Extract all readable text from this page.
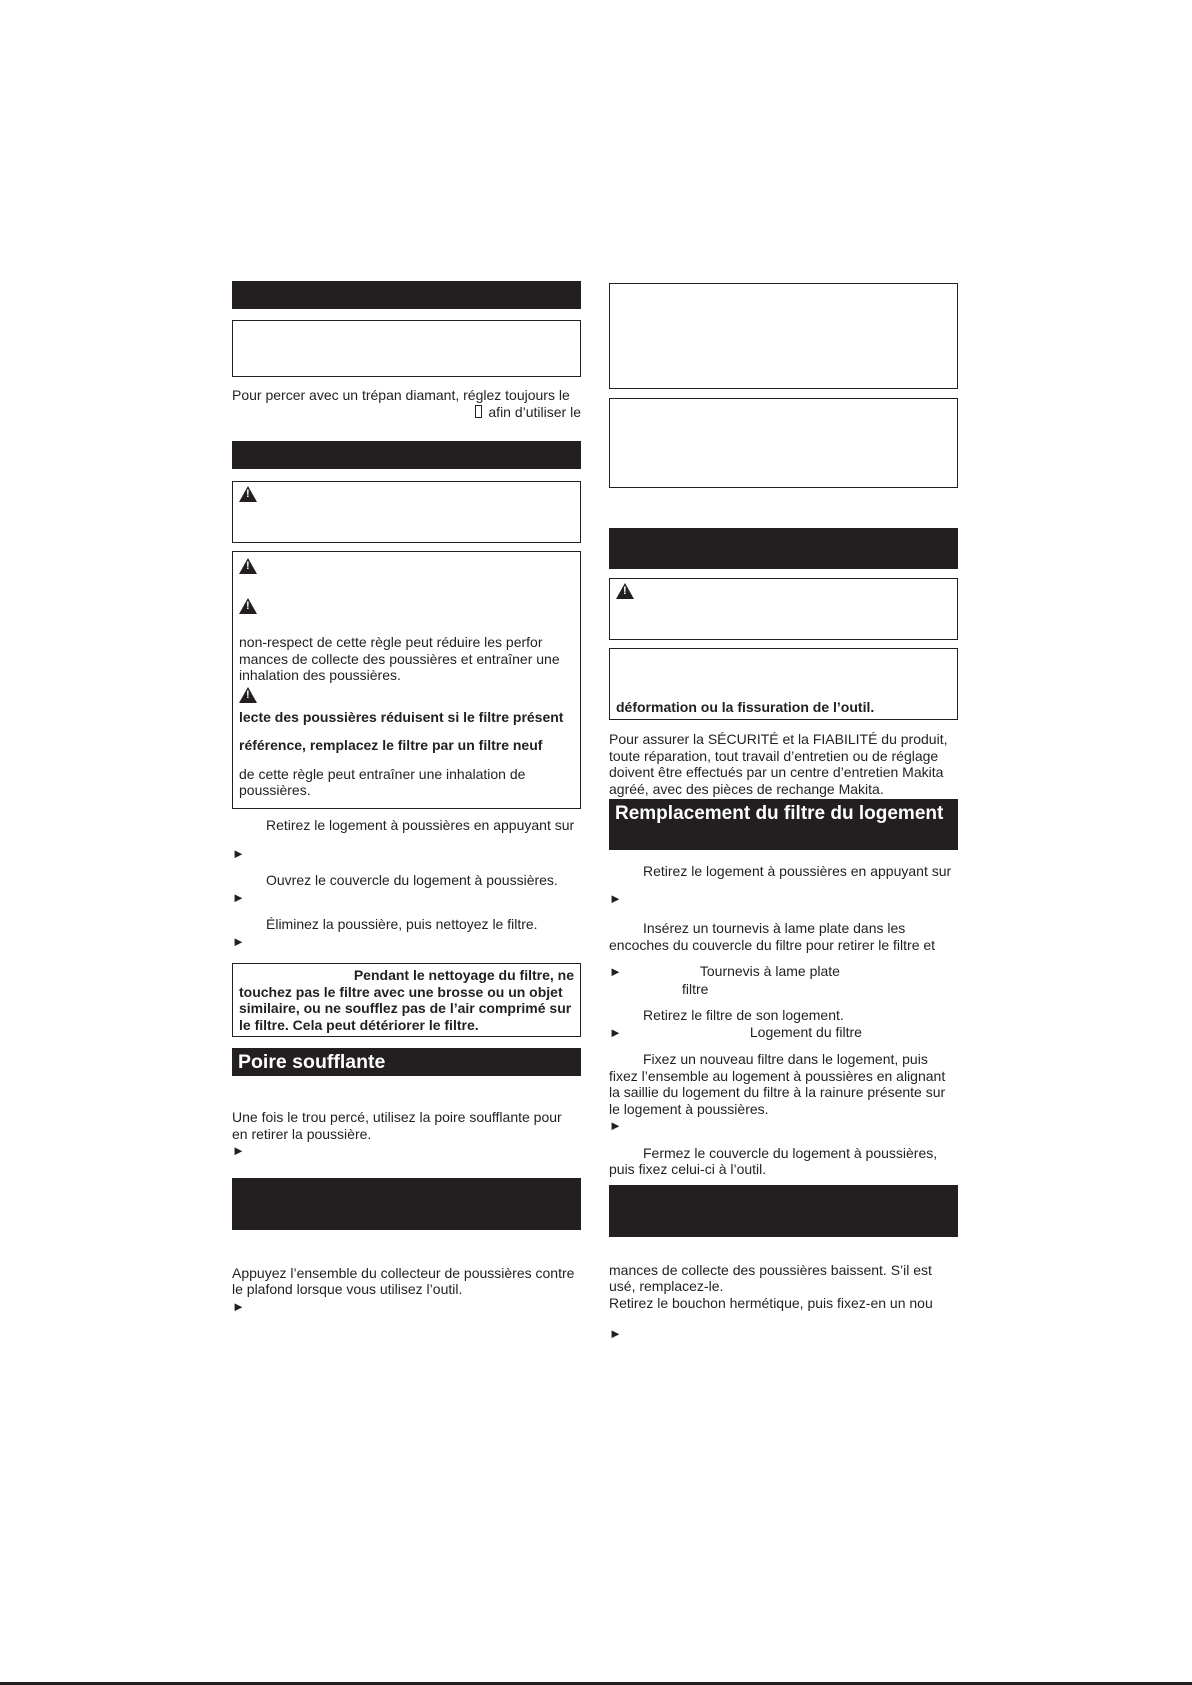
Pour percer avec un trépan diamant, réglez toujours le
afin d’utiliser le
!
!
!
non-respect de cette règle peut réduire les perfor
mances de collecte des poussières et entraîner une
inhalation des poussières.
!
lecte des poussières réduisent si le filtre présent
référence, remplacez le filtre par un filtre neuf
de cette règle peut entraîner une inhalation de
poussières.
Retirez le logement à poussières en appuyant sur
►
Ouvrez le couvercle du logement à poussières.
►
Éliminez la poussière, puis nettoyez le filtre.
►
Pendant le nettoyage du filtre, ne
touchez pas le filtre avec une brosse ou un objet
similaire, ou ne soufflez pas de l’air comprimé sur
le filtre. Cela peut détériorer le filtre.
Poire soufflante
Une fois le trou percé, utilisez la poire soufflante pour
en retirer la poussière.
►
Appuyez l’ensemble du collecteur de poussières contre
le plafond lorsque vous utilisez l’outil.
►
!
déformation ou la fissuration de l’outil.
Pour assurer la SÉCURITÉ et la FIABILITÉ du produit,
toute réparation, tout travail d’entretien ou de réglage
doivent être effectués par un centre d’entretien Makita
agréé, avec des pièces de rechange Makita.
Remplacement du filtre du logement
Retirez le logement à poussières en appuyant sur
►
Insérez un tournevis à lame plate dans les
encoches du couvercle du filtre pour retirer le filtre et
►	Tournevis à lame plate
filtre
Retirez le filtre de son logement.
►	Logement du filtre
Fixez un nouveau filtre dans le logement, puis
fixez l’ensemble au logement à poussières en alignant
la saillie du logement du filtre à la rainure présente sur
le logement à poussières.
►
Fermez le couvercle du logement à poussières,
puis fixez celui-ci à l’outil.
mances de collecte des poussières baissent. S’il est
usé, remplacez-le.
Retirez le bouchon hermétique, puis fixez-en un nou
►
